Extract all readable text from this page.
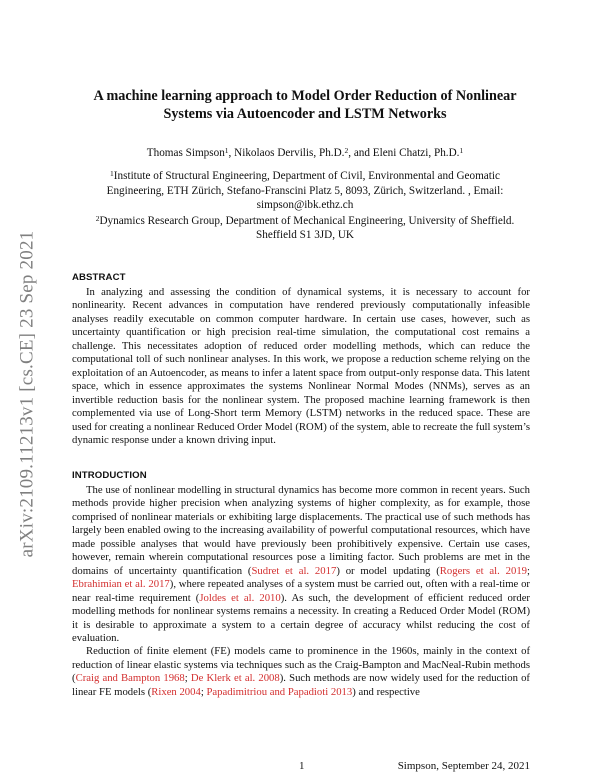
arXiv:2109.11213v1 [cs.CE] 23 Sep 2021
A machine learning approach to Model Order Reduction of Nonlinear Systems via Autoencoder and LSTM Networks
Thomas Simpson$^1$, Nikolaos Dervilis, Ph.D.$^2$, and Eleni Chatzi, Ph.D.$^1$

$^1$Institute of Structural Engineering, Department of Civil, Environmental and Geomatic Engineering, ETH Zürich, Stefano-Franscini Platz 5, 8093, Zürich, Switzerland. , Email: simpson@ibk.ethz.ch

$^2$Dynamics Research Group, Department of Mechanical Engineering, University of Sheffield. Sheffield S1 3JD, UK

ABSTRACT

In analyzing and assessing the condition of dynamical systems, it is necessary to account for nonlinearity. Recent advances in computation have rendered previously computationally infeasible analyses readily executable on common computer hardware. In certain use cases, however, such as uncertainty quantification or high precision real-time simulation, the computational cost remains a challenge. This necessitates adoption of reduced order modelling methods, which can reduce the computational toll of such nonlinear analyses. In this work, we propose a reduction scheme relying on the exploitation of an Autoencoder, as means to infer a latent space from output-only response data. This latent space, which in essence approximates the systems Nonlinear Normal Modes (NNMs), serves as an invertible reduction basis for the nonlinear system. The proposed machine learning framework is then complemented via use of Long-Short term Memory (LSTM) networks in the reduced space. These are used for creating a nonlinear Reduced Order Model (ROM) of the system, able to recreate the full system’s dynamic response under a known driving input.

INTRODUCTION

The use of nonlinear modelling in structural dynamics has become more common in recent years. Such methods provide higher precision when analyzing systems of higher complexity, as for example, those comprised of nonlinear materials or exhibiting large displacements. The practical use of such methods has largely been enabled owing to the increasing availability of powerful computational resources, which have made possible analyses that would have previously been prohibitively expensive. Certain use cases, however, remain wherein computational resources pose a limiting factor. Such problems are met in the domains of uncertainty quantification (Sudret et al. 2017) or model updating (Rogers et al. 2019; Ebrahimian et al. 2017), where repeated analyses of a system must be carried out, often with a real-time or near real-time requirement (Joldes et al. 2010). As such, the development of efficient reduced order modelling methods for nonlinear systems remains a necessity. In creating a Reduced Order Model (ROM) it is desirable to approximate a system to a certain degree of accuracy whilst reducing the cost of evaluation.

Reduction of finite element (FE) models came to prominence in the 1960s, mainly in the context of reduction of linear elastic systems via techniques such as the Craig-Bampton and MacNeal-Rubin methods (Craig and Bampton 1968; De Klerk et al. 2008). Such methods are now widely used for the reduction of linear FE models (Rixen 2004; Papadimitriou and Papadioti 2013) and respective

1	Simpson, September 24, 2021
